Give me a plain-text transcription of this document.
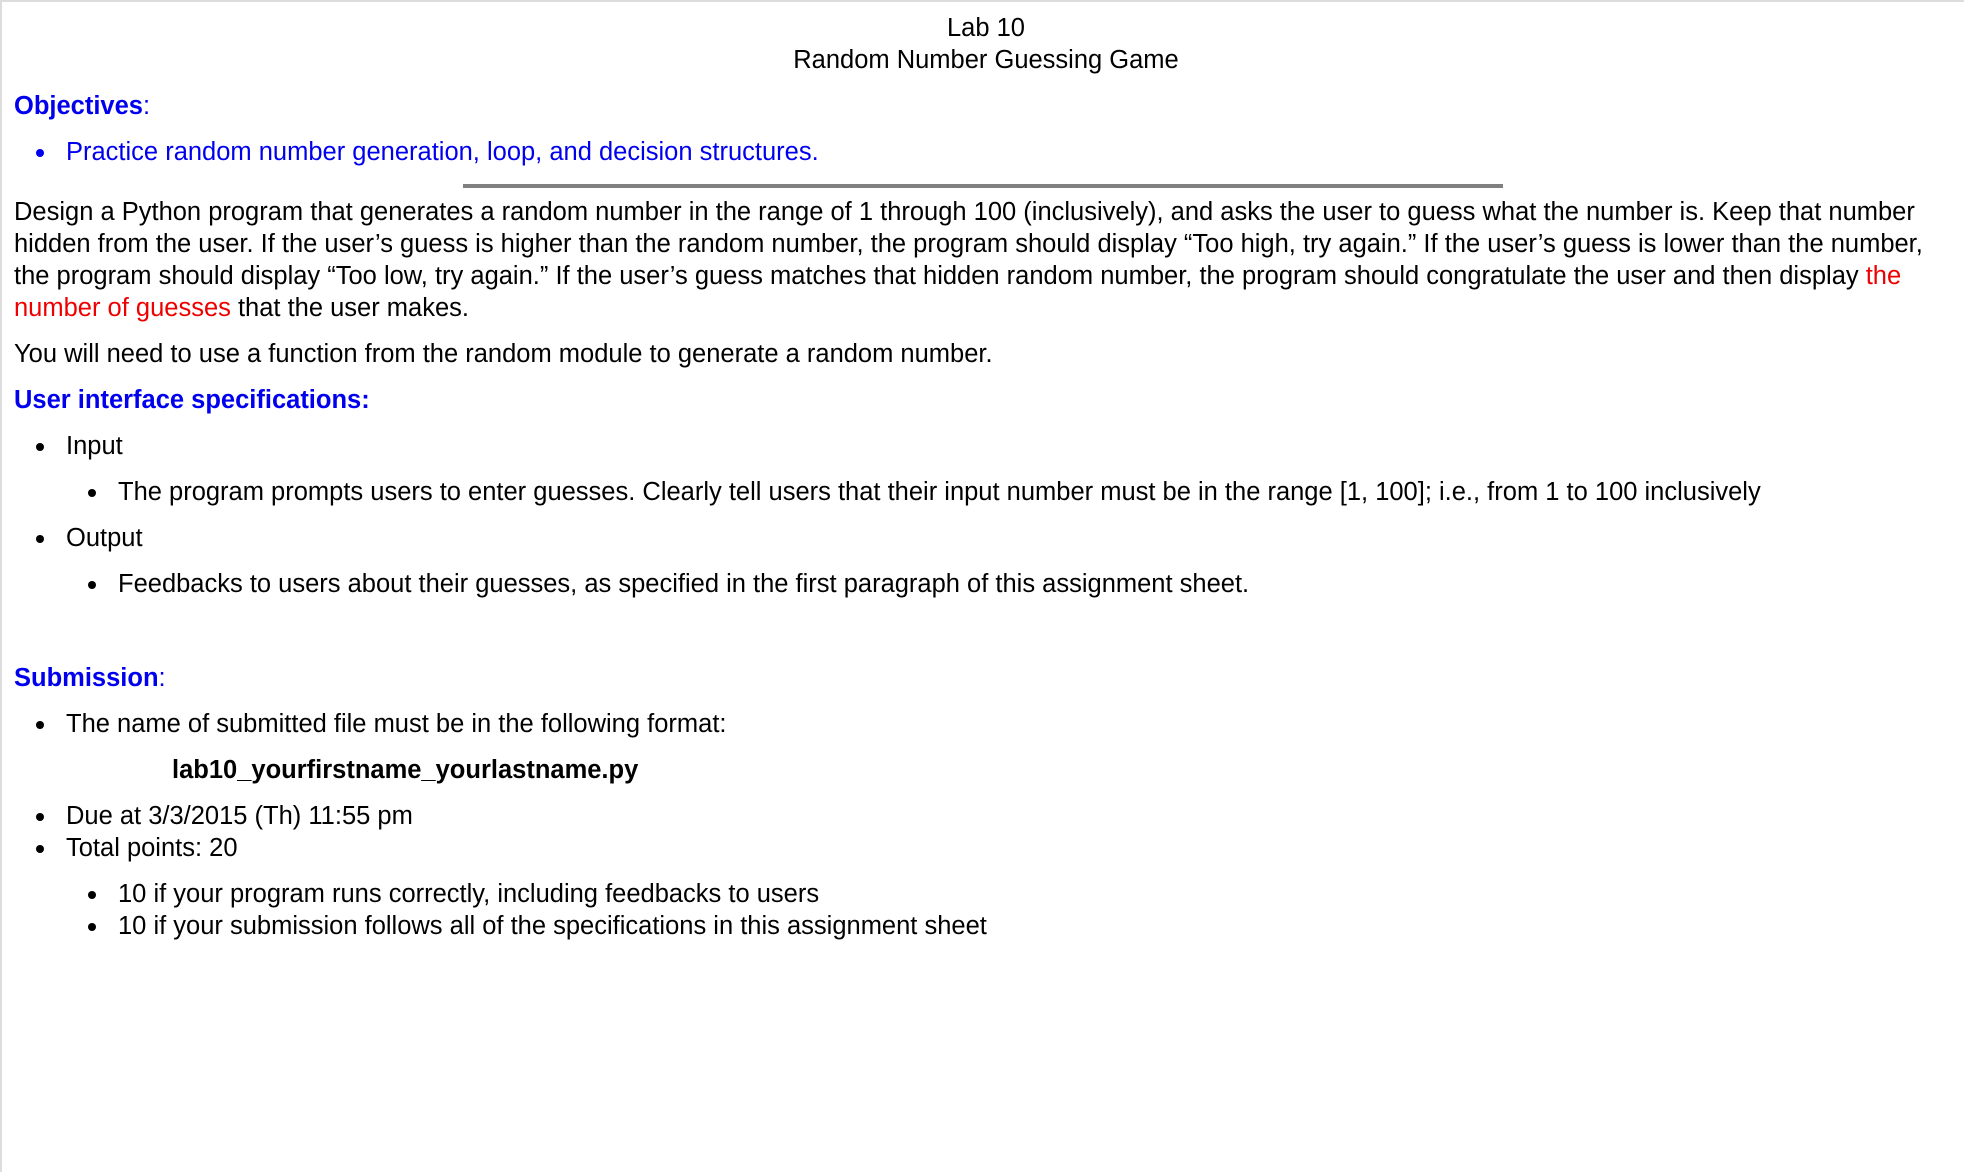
Lab 10
Random Number Guessing Game

Objectives:

Practice random number generation, loop, and decision structures.

Design a Python program that generates a random number in the range of 1 through 100 (inclusively), and asks the user to guess what the number is. Keep that number hidden from the user. If the user’s guess is higher than the random number, the program should display “Too high, try again.” If the user’s guess is lower than the number, the program should display “Too low, try again.” If the user’s guess matches that hidden random number, the program should congratulate the user and then display the number of guesses that the user makes.

You will need to use a function from the random module to generate a random number.

User interface specifications:

Input
The program prompts users to enter guesses. Clearly tell users that their input number must be in the range [1, 100]; i.e., from 1 to 100 inclusively
Output
Feedbacks to users about their guesses, as specified in the first paragraph of this assignment sheet.

Submission:

The name of submitted file must be in the following format:

lab10_yourfirstname_yourlastname.py

Due at 3/3/2015 (Th) 11:55 pm
Total points: 20
10 if your program runs correctly, including feedbacks to users
10 if your submission follows all of the specifications in this assignment sheet
